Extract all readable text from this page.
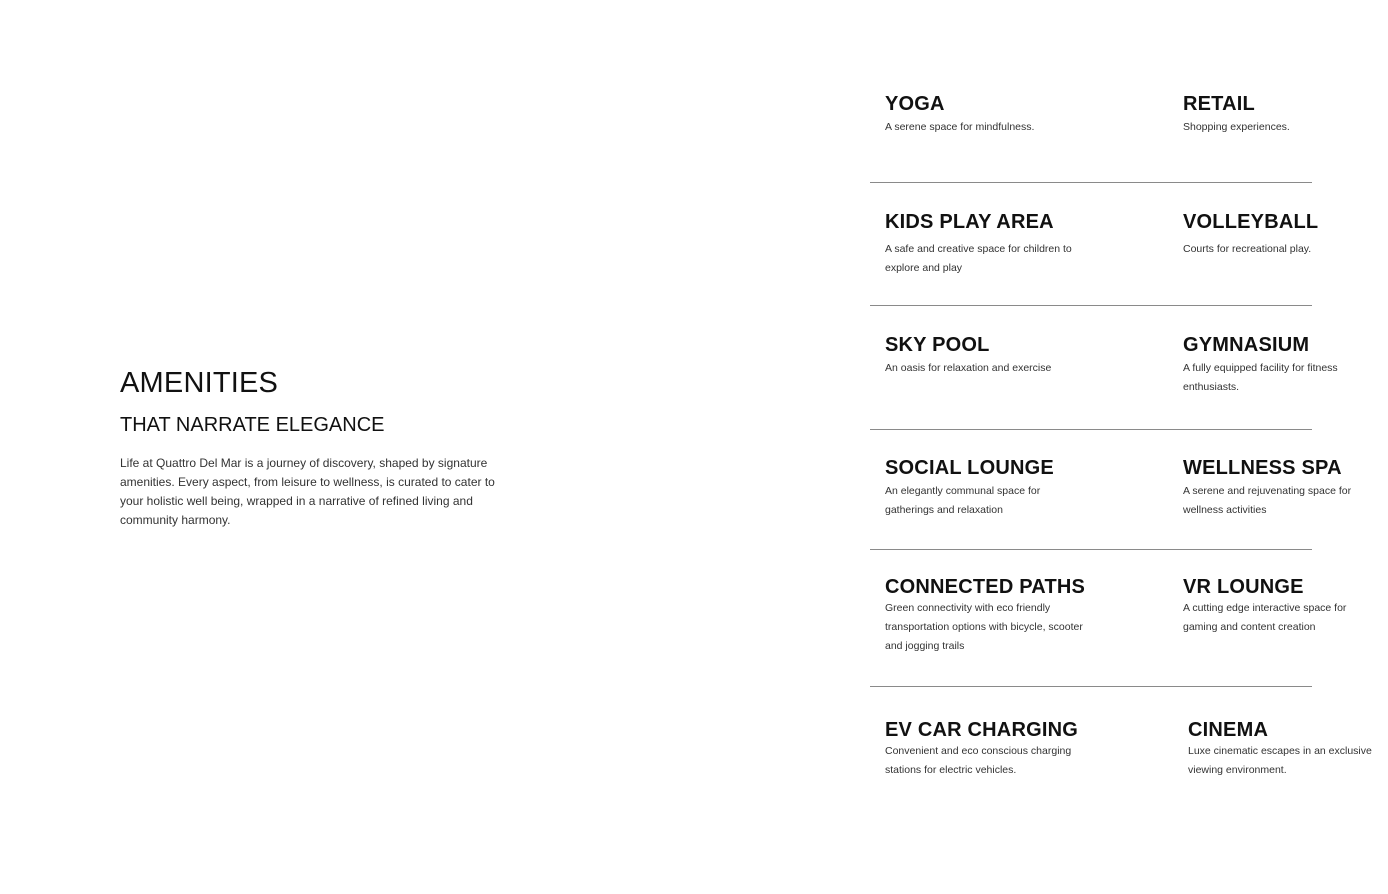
AMENITIES
THAT NARRATE ELEGANCE

Life at Quattro Del Mar is a journey of discovery, shaped by signature amenities. Every aspect, from leisure to wellness, is curated to cater to your holistic well being, wrapped in a narrative of refined living and community harmony.

YOGA

A serene space for mindfulness.

RETAIL

Shopping experiences.

KIDS PLAY AREA

A safe and creative space for children to explore and play

VOLLEYBALL

Courts for recreational play.

SKY POOL

An oasis for relaxation and exercise

GYMNASIUM

A fully equipped facility for fitness enthusiasts.

SOCIAL LOUNGE

An elegantly communal space for gatherings and relaxation

WELLNESS SPA

A serene and rejuvenating space for wellness activities

CONNECTED PATHS

Green connectivity with eco friendly transportation options with bicycle, scooter and jogging trails

VR LOUNGE

A cutting edge interactive space for gaming and content creation

EV CAR CHARGING

Convenient and eco conscious charging stations for electric vehicles.

CINEMA

Luxe cinematic escapes in an exclusive viewing environment.
